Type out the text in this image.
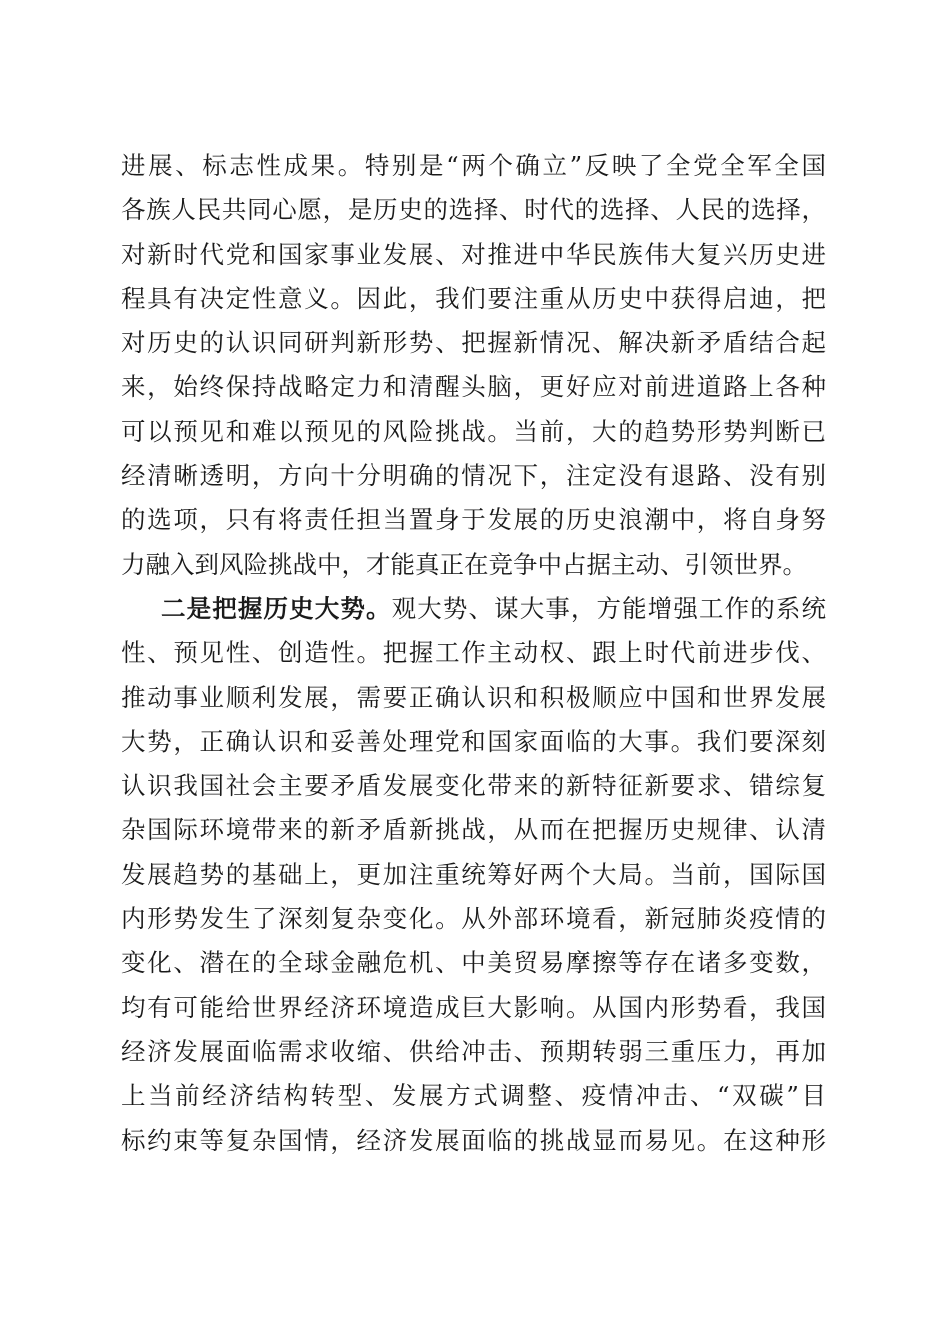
进展、标志性成果。特别是“两个确立”反映了全党全军全国
各族人民共同心愿，是历史的选择、时代的选择、人民的选择，
对新时代党和国家事业发展、对推进中华民族伟大复兴历史进
程具有决定性意义。因此，我们要注重从历史中获得启迪，把
对历史的认识同研判新形势、把握新情况、解决新矛盾结合起
来，始终保持战略定力和清醒头脑，更好应对前进道路上各种
可以预见和难以预见的风险挑战。当前，大的趋势形势判断已
经清晰透明，方向十分明确的情况下，注定没有退路、没有别
的选项，只有将责任担当置身于发展的历史浪潮中，将自身努
力融入到风险挑战中，才能真正在竞争中占据主动、引领世界。
二是把握历史大势。观大势、谋大事，方能增强工作的系统
性、预见性、创造性。把握工作主动权、跟上时代前进步伐、
推动事业顺利发展，需要正确认识和积极顺应中国和世界发展
大势，正确认识和妥善处理党和国家面临的大事。我们要深刻
认识我国社会主要矛盾发展变化带来的新特征新要求、错综复
杂国际环境带来的新矛盾新挑战，从而在把握历史规律、认清
发展趋势的基础上，更加注重统筹好两个大局。当前，国际国
内形势发生了深刻复杂变化。从外部环境看，新冠肺炎疫情的
变化、潜在的全球金融危机、中美贸易摩擦等存在诸多变数，
均有可能给世界经济环境造成巨大影响。从国内形势看，我国
经济发展面临需求收缩、供给冲击、预期转弱三重压力，再加
上当前经济结构转型、发展方式调整、疫情冲击、“双碳”目
标约束等复杂国情，经济发展面临的挑战显而易见。在这种形
